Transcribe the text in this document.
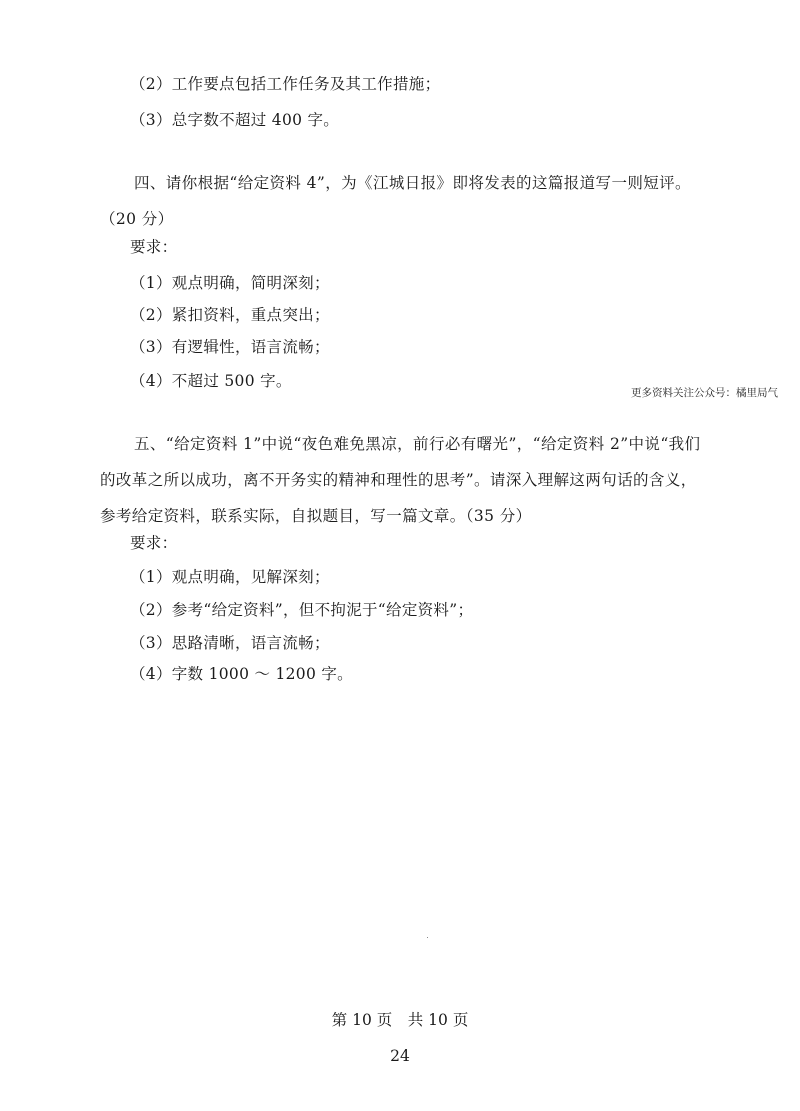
（2）工作要点包括工作任务及其工作措施；
（3）总字数不超过 400 字。
四、请你根据“给定资料 4”，为《江城日报》即将发表的这篇报道写一则短评。（20 分）
要求：
（1）观点明确，简明深刻；
（2）紧扣资料，重点突出；
（3）有逻辑性，语言流畅；
（4）不超过 500 字。
更多资料关注公众号：橘里局气
五、“给定资料 1”中说“夜色难免黑凉，前行必有曙光”，“给定资料 2”中说“我们的改革之所以成功，离不开务实的精神和理性的思考”。请深入理解这两句话的含义，参考给定资料，联系实际，自拟题目，写一篇文章。（35 分）
要求：
（1）观点明确，见解深刻；
（2）参考“给定资料”，但不拘泥于“给定资料”；
（3）思路清晰，语言流畅；
（4）字数 1000 ～ 1200 字。
第 10 页　共 10 页
24
